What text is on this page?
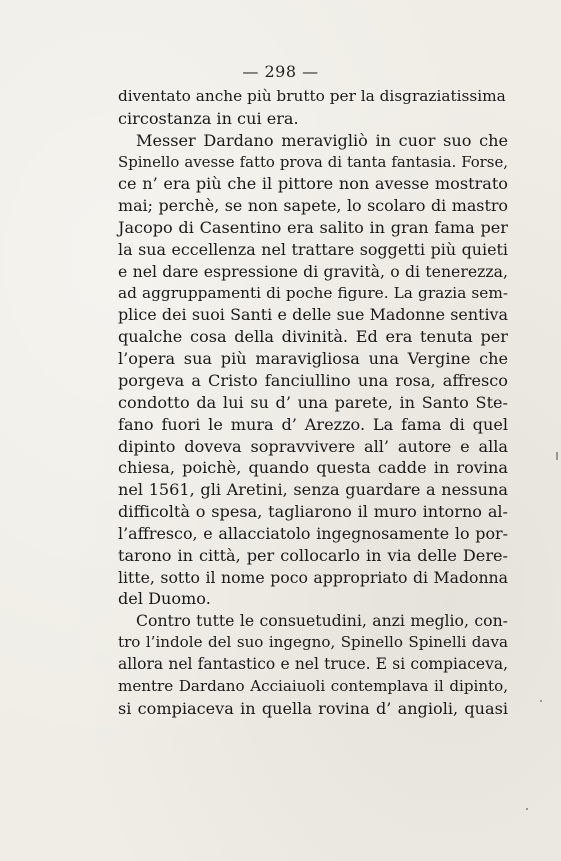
— 298 —
diventato anche più brutto per la disgraziatissima
circostanza in cui era.
Messer Dardano meravigliò in cuor suo che
Spinello avesse fatto prova di tanta fantasia. Forse,
ce n’ era più che il pittore non avesse mostrato
mai; perchè, se non sapete, lo scolaro di mastro
Jacopo di Casentino era salito in gran fama per
la sua eccellenza nel trattare soggetti più quieti
e nel dare espressione di gravità, o di tenerezza,
ad aggruppamenti di poche figure. La grazia sem-
plice dei suoi Santi e delle sue Madonne sentiva
qualche cosa della divinità. Ed era tenuta per
l’opera sua più maravigliosa una Vergine che
porgeva a Cristo fanciullino una rosa, affresco
condotto da lui su d’ una parete, in Santo Ste-
fano fuori le mura d’ Arezzo. La fama di quel
dipinto doveva sopravvivere all’ autore e alla
chiesa, poichè, quando questa cadde in rovina
nel 1561, gli Aretini, senza guardare a nessuna
difficoltà o spesa, tagliarono il muro intorno al-
l’affresco, e allacciatolo ingegnosamente lo por-
tarono in città, per collocarlo in via delle Dere-
litte, sotto il nome poco appropriato di Madonna
del Duomo.
Contro tutte le consuetudini, anzi meglio, con-
tro l’indole del suo ingegno, Spinello Spinelli dava
allora nel fantastico e nel truce. E si compiaceva,
mentre Dardano Acciaiuoli contemplava il dipinto,
si compiaceva in quella rovina d’ angioli, quasi
